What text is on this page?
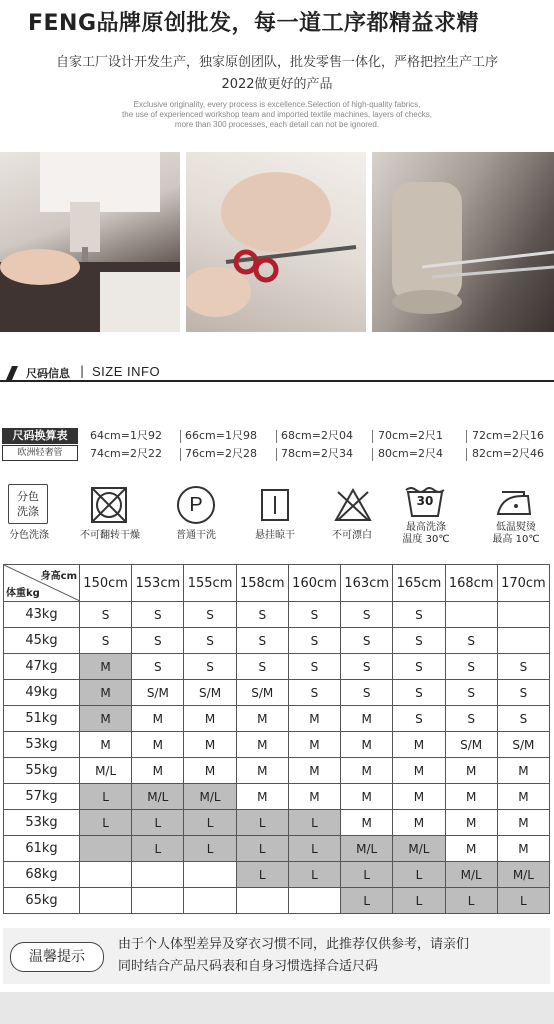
FENG品牌原创批发，每一道工序都精益求精
自家工厂设计开发生产，独家原创团队，批发零售一体化，严格把控生产工序
2022做更好的产品
Exclusive originality, every process is excellence.Selection of high-quality fabrics,
the use of experienced workshop team and imported textile machines, layers of checks,
more than 300 processes, each detail can not be ignored.
尺码信息 | SIZE INFO
尺码换算表
欧洲轻奢管
64cm=1尺92 66cm=1尺98 68cm=2尺04 70cm=2尺1	72cm=2尺16
74cm=2尺22 76cm=2尺28 78cm=2尺34 80cm=2尺4	82cm=2尺46
分色
洗涤
分色洗涤	不可翻转干燥
P
普通干洗	悬挂晾干	不可漂白
30
最高洗涤
温度 30℃
低温熨烫
最高 10℃
身高cm
体重kg	150cm	153cm	155cm	158cm	160cm	163cm	165cm	168cm	170cm
43kg	S	S	S	S	S	S	S		
45kg	S	S	S	S	S	S	S	S	
47kg	M	S	S	S	S	S	S	S	S
49kg	M	S/M	S/M	S/M	S	S	S	S	S
51kg	M	M	M	M	M	M	S	S	S
53kg	M	M	M	M	M	M	M	S/M	S/M
55kg	M/L	M	M	M	M	M	M	M	M
57kg	L	M/L	M/L	M	M	M	M	M	M
53kg	L	L	L	L	L	M	M	M	M
61kg		L	L	L	L	M/L	M/L	M	M
68kg				L	L	L	L	M/L	M/L
65kg						L	L	L	L
温馨提示
由于个人体型差异及穿衣习惯不同，此推荐仅供参考，请亲们
同时结合产品尺码表和自身习惯选择合适尺码
